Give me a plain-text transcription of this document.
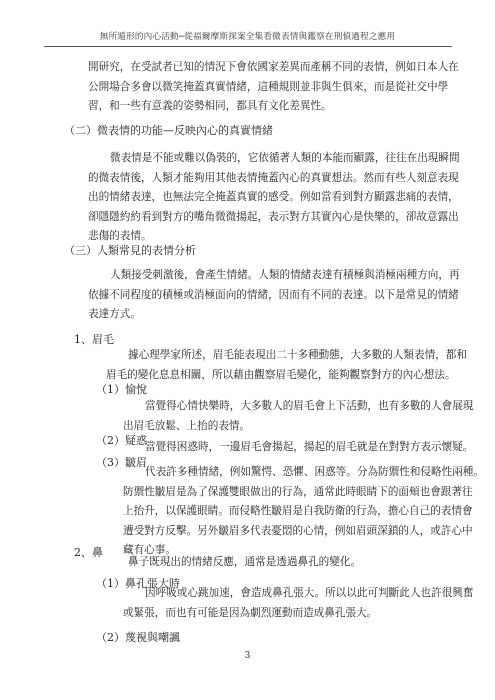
無所遁形的內心活動─從福爾摩斯探案全集看微表情與鑑察在刑偵過程之應用
開研究，在受試者已知的情況下會依國家差異而產稱不同的表情，例如日本人在
公開場合多會以微笑掩蓋真實情緒，這種規則並非與生俱來，而是從社交中學
習，和一些有意義的姿勢相同，都具有文化差異性。
（二）微表情的功能—反映內心的真實情緒
微表情是不能或難以偽裝的，它依循著人類的本能而顯露，往往在出現瞬間
的微表情後，人類才能夠用其他表情掩蓋內心的真實想法。然而有些人刻意表現
出的情緒表達，也無法完全掩蓋真實的感受。例如當看到對方顯露悲痛的表情，
卻隱隱約約看到對方的嘴角微微揚起，表示對方其實內心是快樂的，卻故意露出
悲傷的表情。
（三）人類常見的表情分析
人類接受刺激後，會產生情緒。人類的情緒表達有積極與消極兩種方向，再
依據不同程度的積極或消極面向的情緒，因而有不同的表達。以下是常見的情緒
表達方式。
1、眉毛
據心理學家所述，眉毛能表現出二十多種動態，大多數的人類表情，都和
眉毛的變化息息相關，所以藉由觀察眉毛變化，能夠觀察對方的內心想法。
（1）愉悅
當覺得心情快樂時，大多數人的眉毛會上下活動，也有多數的人會展現
出眉毛放鬆、上抬的表情。
（2）疑惑
當覺得困惑時，一邊眉毛會揚起，揚起的眉毛就是在對對方表示懷疑。
（3）皺眉
代表許多種情緒，例如驚愕、恐懼、困惑等。分為防禦性和侵略性兩種。
防禦性皺眉是為了保護雙眼做出的行為，通常此時眼睛下的面頰也會跟著往
上抬升，以保護眼睛。而侵略性皺眉是自我防衛的行為，擔心自己的表情會
遭受對方反擊。另外皺眉多代表憂悶的心情，例如眉頭深鎖的人，或許心中
藏有心事。
2、鼻
鼻子既現出的情緒反應，通常是透過鼻孔的變化。
（1）鼻孔張大時
因呼吸或心跳加速，會造成鼻孔張大。所以以此可判斷此人也許很興奮
或緊張，而也有可能是因為劇烈運動而造成鼻孔張大。
（2）蔑視與嘲諷
3
